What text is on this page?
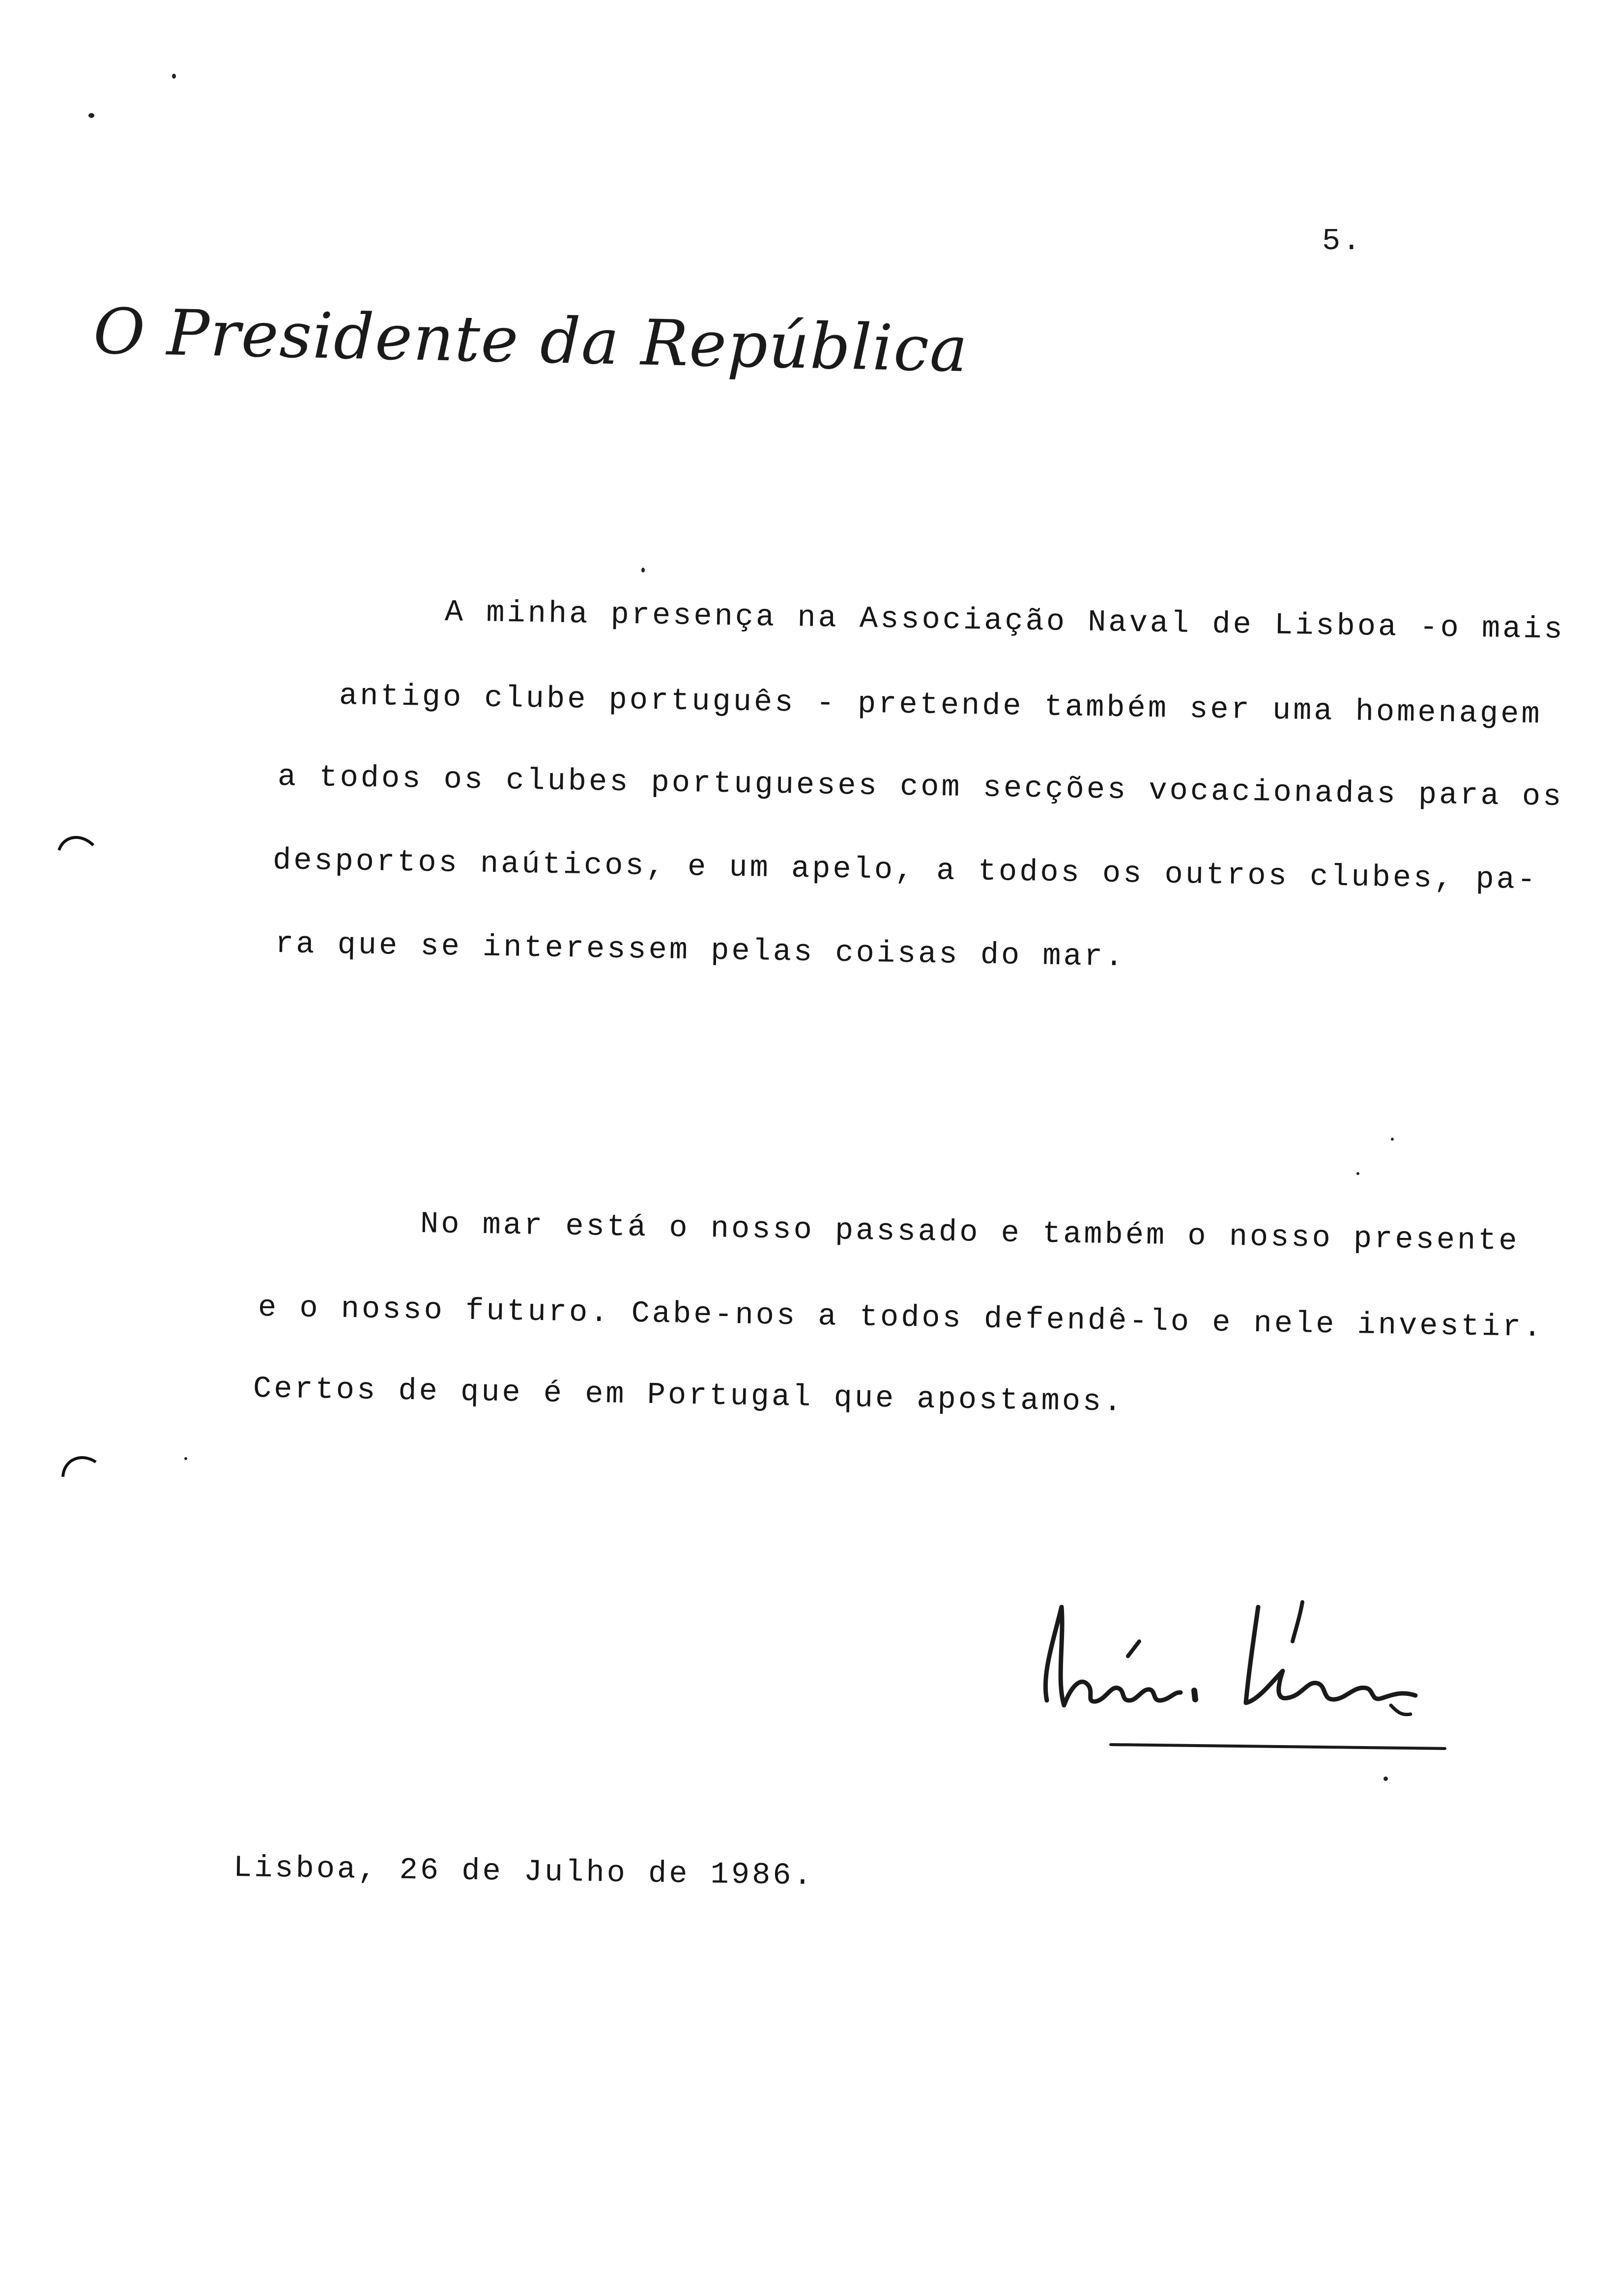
5.
O Presidente da República
A minha presença na Associação Naval de Lisboa -o mais
antigo clube português - pretende também ser uma homenagem
a todos os clubes portugueses com secções vocacionadas para os
desportos naúticos, e um apelo, a todos os outros clubes, pa-
ra que se interessem pelas coisas do mar.
No mar está o nosso passado e também o nosso presente
e o nosso futuro. Cabe-nos a todos defendê-lo e nele investir.
Certos de que é em Portugal que apostamos.
Lisboa, 26 de Julho de 1986.
